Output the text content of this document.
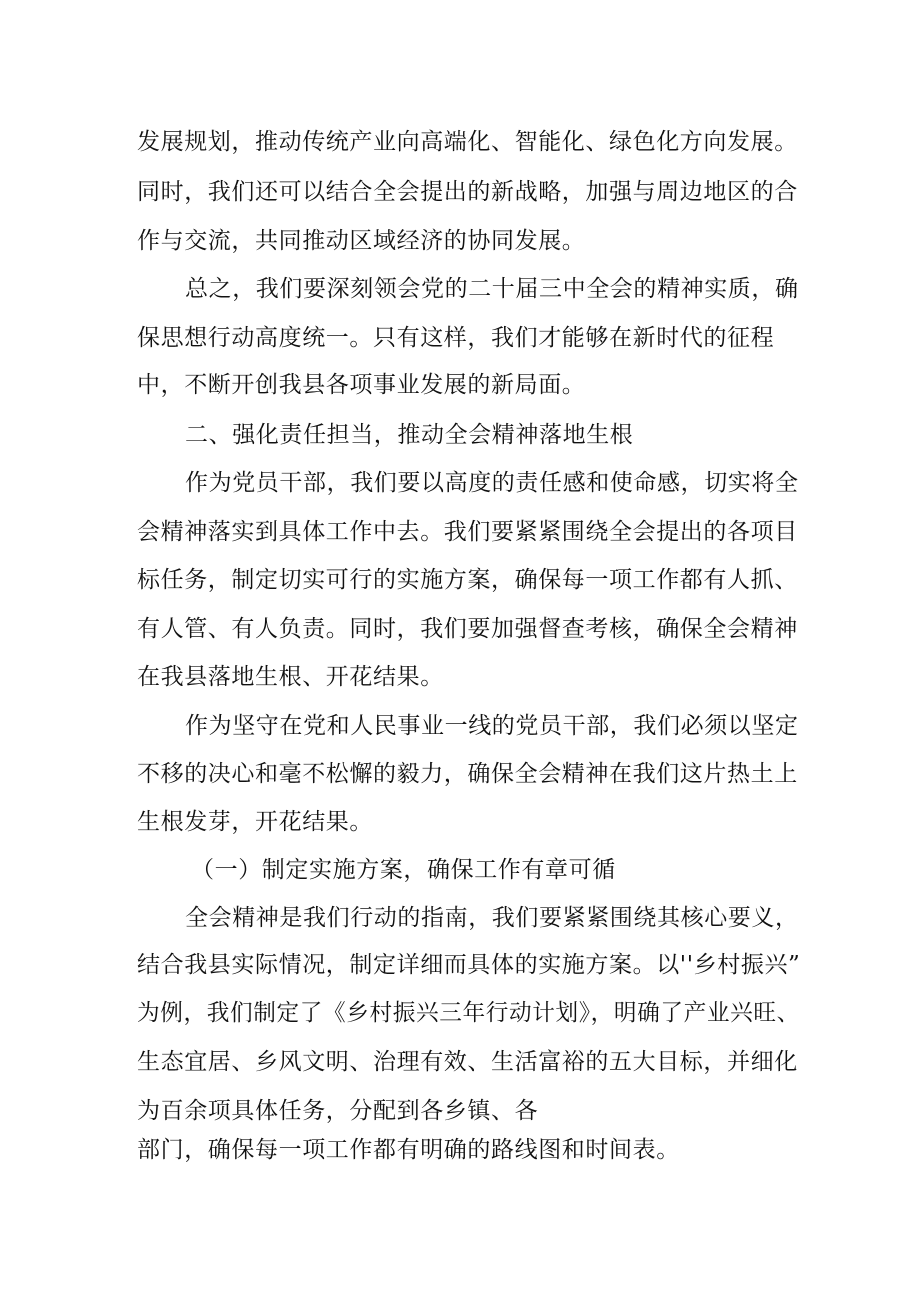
发展规划，推动传统产业向高端化、智能化、绿色化方向发展。
同时，我们还可以结合全会提出的新战略，加强与周边地区的合
作与交流，共同推动区域经济的协同发展。
总之，我们要深刻领会党的二十届三中全会的精神实质，确
保思想行动高度统一。只有这样，我们才能够在新时代的征程
中，不断开创我县各项事业发展的新局面。
二、强化责任担当，推动全会精神落地生根
作为党员干部，我们要以高度的责任感和使命感，切实将全
会精神落实到具体工作中去。我们要紧紧围绕全会提出的各项目
标任务，制定切实可行的实施方案，确保每一项工作都有人抓、
有人管、有人负责。同时，我们要加强督查考核，确保全会精神
在我县落地生根、开花结果。
作为坚守在党和人民事业一线的党员干部，我们必须以坚定
不移的决心和毫不松懈的毅力，确保全会精神在我们这片热土上
生根发芽，开花结果。
（一）制定实施方案，确保工作有章可循
全会精神是我们行动的指南，我们要紧紧围绕其核心要义，
结合我县实际情况，制定详细而具体的实施方案。以''乡村振兴”
为例，我们制定了《乡村振兴三年行动计划》，明确了产业兴旺、
生态宜居、乡风文明、治理有效、生活富裕的五大目标，并细化
为百余项具体任务，分配到各乡镇、各
部门，确保每一项工作都有明确的路线图和时间表。
